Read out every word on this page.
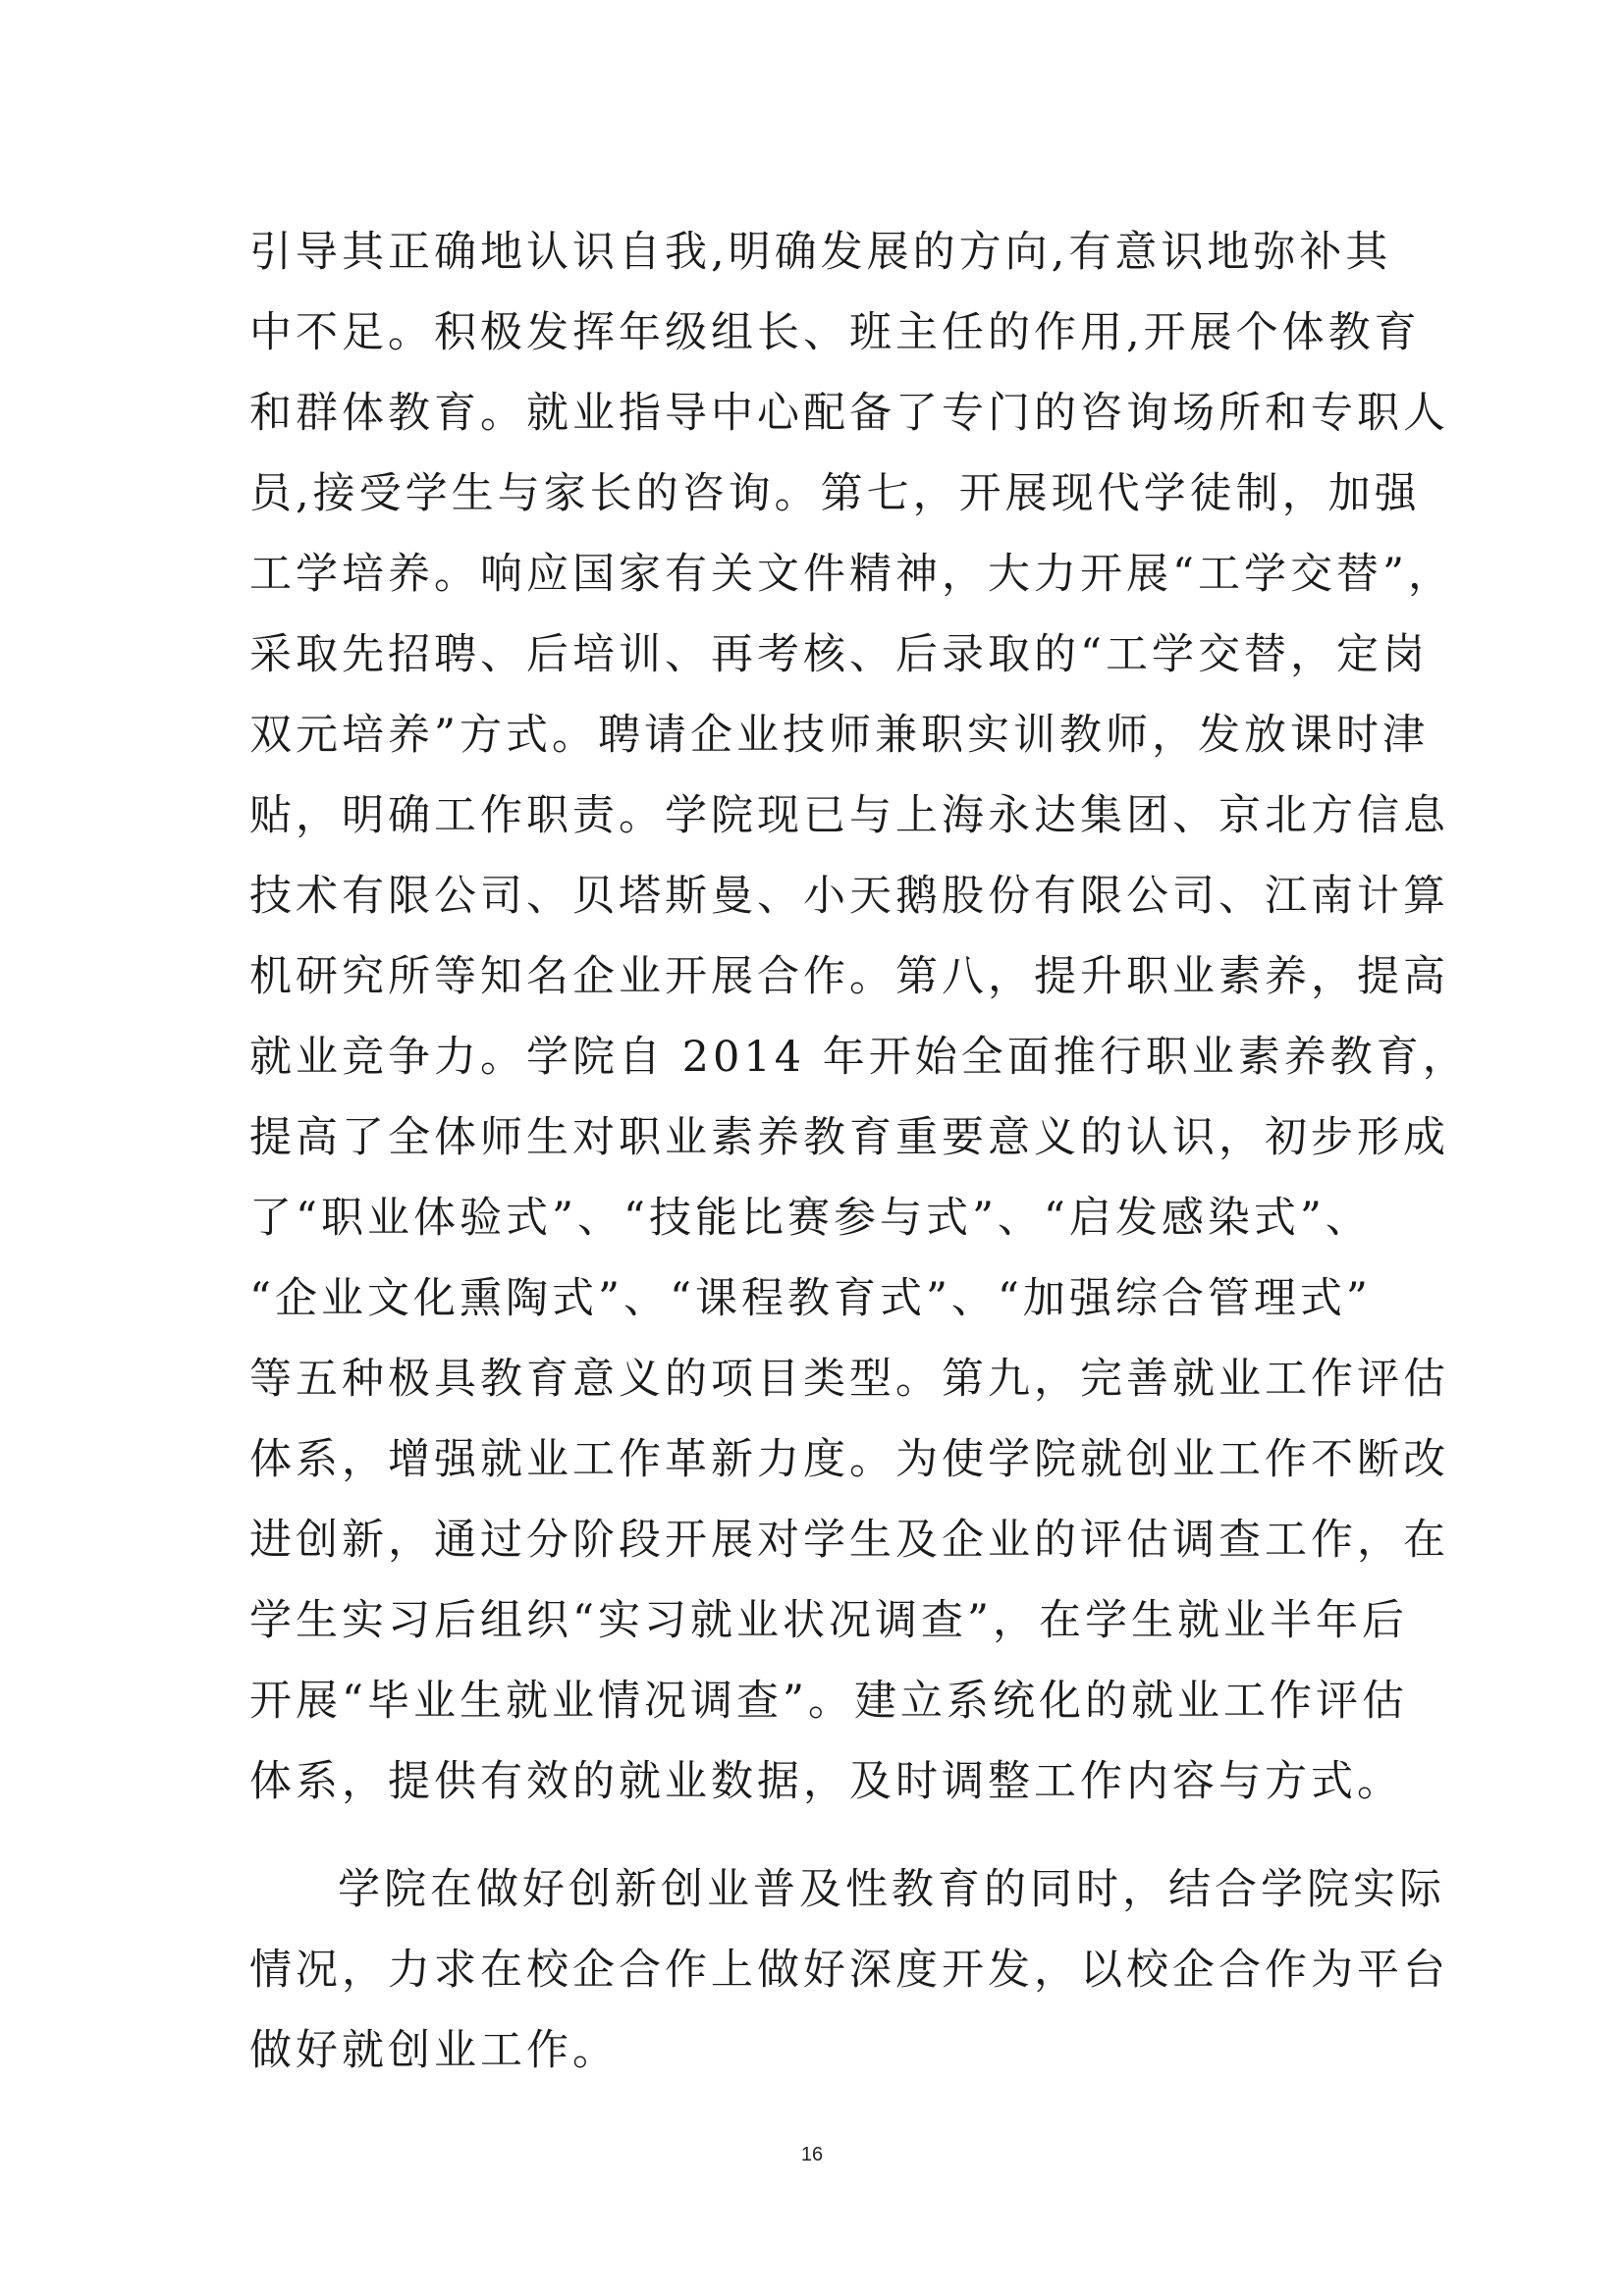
引导其正确地认识自我,明确发展的方向,有意识地弥补其
中不足。积极发挥年级组长、班主任的作用,开展个体教育
和群体教育。就业指导中心配备了专门的咨询场所和专职人
员,接受学生与家长的咨询。第七，开展现代学徒制，加强
工学培养。响应国家有关文件精神，大力开展“工学交替”，
采取先招聘、后培训、再考核、后录取的“工学交替，定岗
双元培养”方式。聘请企业技师兼职实训教师，发放课时津
贴，明确工作职责。学院现已与上海永达集团、京北方信息
技术有限公司、贝塔斯曼、小天鹅股份有限公司、江南计算
机研究所等知名企业开展合作。第八，提升职业素养，提高
就业竞争力。学院自 2014 年开始全面推行职业素养教育，
提高了全体师生对职业素养教育重要意义的认识，初步形成
了“职业体验式”、“技能比赛参与式”、“启发感染式”、
“企业文化熏陶式”、“课程教育式”、“加强综合管理式”
等五种极具教育意义的项目类型。第九，完善就业工作评估
体系，增强就业工作革新力度。为使学院就创业工作不断改
进创新，通过分阶段开展对学生及企业的评估调查工作，在
学生实习后组织“实习就业状况调查”，在学生就业半年后
开展“毕业生就业情况调查”。建立系统化的就业工作评估
体系，提供有效的就业数据，及时调整工作内容与方式。
学院在做好创新创业普及性教育的同时，结合学院实际
情况，力求在校企合作上做好深度开发，以校企合作为平台
做好就创业工作。
16
